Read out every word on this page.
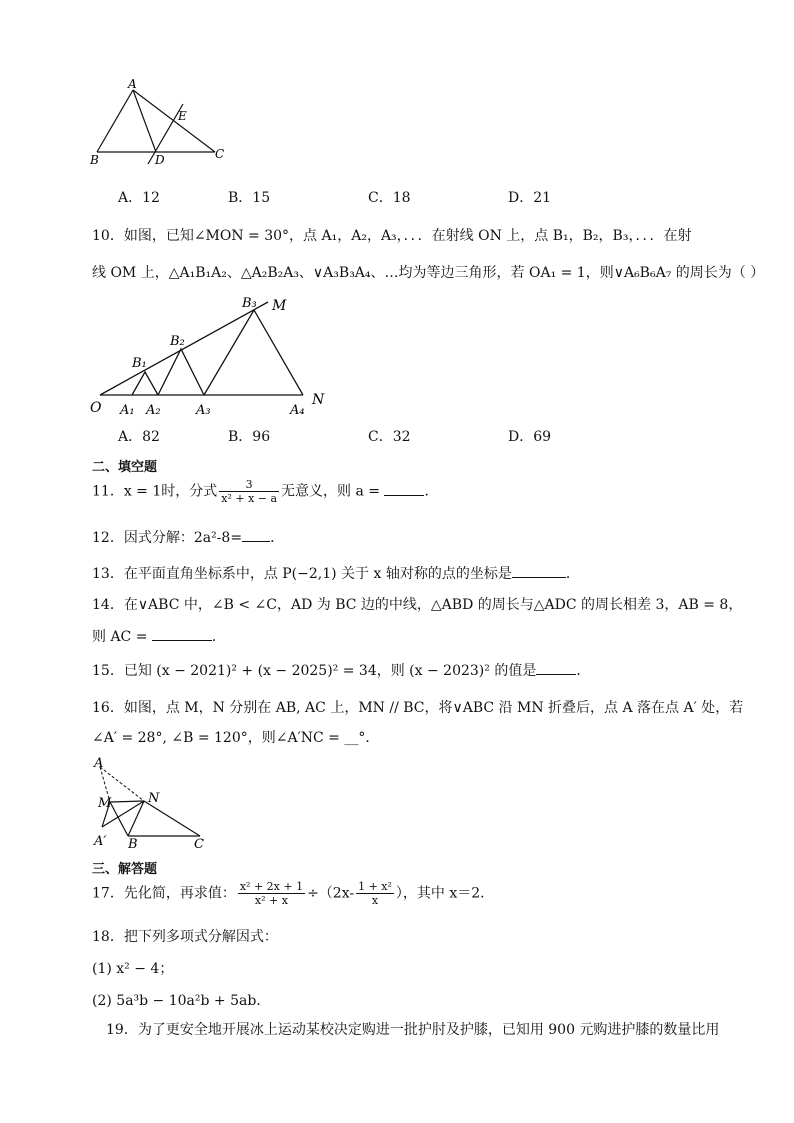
A
E
B	D	C
A．12	B．15	C．18	D．21
10．如图，已知∠MON = 30°，点 A₁，A₂，A₃，．．．在射线 ON 上，点 B₁，B₂，B₃，．．．在射
线 OM 上，△A₁B₁A₂、△A₂B₂A₃、∨A₃B₃A₄、…均为等边三角形，若 OA₁ = 1，则∨A₆B₆A₇ 的周长为（ ）
O A₁ A₂	A₃	A₄
N
M
B₁
B₂
B₃
A．82	B．96	C．32	D．69
二、填空题
11．x = 1时，分式 $\frac{3}{\text{x² + x − a}}$ 无意义，则 a =	．
12．因式分解：2a²-8= ．
13．在平面直角坐标系中，点 P(−2,1) 关于 x 轴对称的点的坐标是	．
14．在∨ABC 中，∠B < ∠C，AD 为 BC 边的中线，△ABD 的周长与△ADC 的周长相差 3，AB = 8，
则 AC =	．
15．已知 (x − 2021)² + (x − 2025)² = 34，则 (x − 2023)² 的值是	．
16．如图，点 M，N 分别在 AB, AC 上，MN // BC，将∨ABC 沿 MN 折叠后，点 A 落在点 A′ 处，若
∠A′ = 28°, ∠B = 120°，则∠A′NC = __°．
A
M	N
A′ B	C
三、解答题
17．先化简，再求值： $\frac{\text{x² + 2x + 1}}{\text{x² + x}} \div(2x- \frac{\text{1 + x²}}{x}$ ），其中 x＝2．
18．把下列多项式分解因式：
(1) x² − 4；
(2) 5a³b − 10a²b + 5ab．
19．为了更安全地开展冰上运动某校决定购进一批护肘及护膝，已知用 900 元购进护膝的数量比用
